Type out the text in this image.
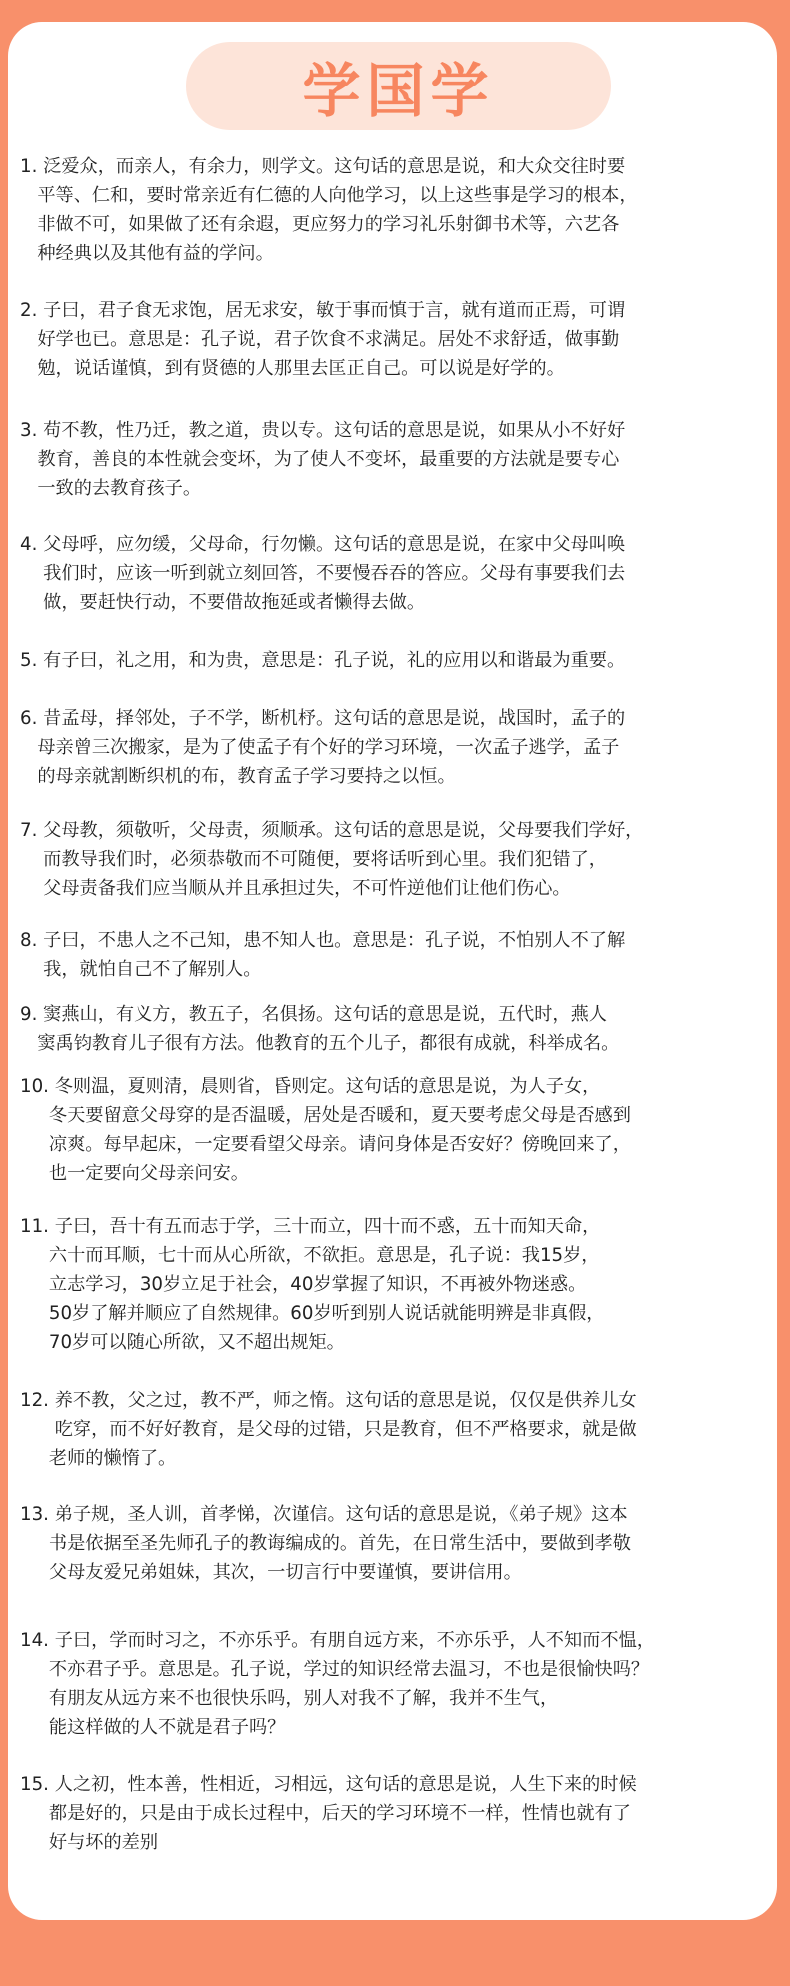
学国学
1. 泛爱众，而亲人，有余力，则学文。这句话的意思是说，和大众交往时要
平等、仁和，要时常亲近有仁德的人向他学习，以上这些事是学习的根本，
非做不可，如果做了还有余遐，更应努力的学习礼乐射御书术等，六艺各
种经典以及其他有益的学问。
2. 子曰，君子食无求饱，居无求安，敏于事而慎于言，就有道而正焉，可谓
好学也已。意思是：孔子说，君子饮食不求满足。居处不求舒适，做事勤
勉，说话谨慎，到有贤德的人那里去匡正自己。可以说是好学的。
3. 苟不教，性乃迁，教之道，贵以专。这句话的意思是说，如果从小不好好
教育，善良的本性就会变坏，为了使人不变坏，最重要的方法就是要专心
一致的去教育孩子。
4. 父母呼，应勿缓，父母命，行勿懒。这句话的意思是说，在家中父母叫唤
我们时，应该一听到就立刻回答，不要慢吞吞的答应。父母有事要我们去
做，要赶快行动，不要借故拖延或者懒得去做。
5. 有子曰，礼之用，和为贵，意思是：孔子说，礼的应用以和谐最为重要。
6. 昔孟母，择邻处，子不学，断机杼。这句话的意思是说，战国时，孟子的
母亲曾三次搬家，是为了使孟子有个好的学习环境，一次孟子逃学，孟子
的母亲就割断织机的布，教育孟子学习要持之以恒。
7. 父母教，须敬听，父母责，须顺承。这句话的意思是说，父母要我们学好，
而教导我们时，必须恭敬而不可随便，要将话听到心里。我们犯错了，
父母责备我们应当顺从并且承担过失，不可忤逆他们让他们伤心。
8. 子曰，不患人之不己知，患不知人也。意思是：孔子说，不怕别人不了解
我，就怕自己不了解别人。
9. 窦燕山，有义方，教五子，名俱扬。这句话的意思是说，五代时，燕人
窦禹钧教育儿子很有方法。他教育的五个儿子，都很有成就，科举成名。
10. 冬则温，夏则清，晨则省，昏则定。这句话的意思是说，为人子女，
冬天要留意父母穿的是否温暖，居处是否暖和，夏天要考虑父母是否感到
凉爽。每早起床，一定要看望父母亲。请问身体是否安好？傍晚回来了，
也一定要向父母亲问安。
11. 子曰，吾十有五而志于学，三十而立，四十而不惑，五十而知天命，
六十而耳顺，七十而从心所欲，不欲拒。意思是，孔子说：我15岁，
立志学习，30岁立足于社会，40岁掌握了知识，不再被外物迷惑。
50岁了解并顺应了自然规律。60岁听到别人说话就能明辨是非真假，
70岁可以随心所欲，又不超出规矩。
12. 养不教，父之过，教不严，师之惰。这句话的意思是说，仅仅是供养儿女
吃穿，而不好好教育，是父母的过错，只是教育，但不严格要求，就是做
老师的懒惰了。
13. 弟子规，圣人训，首孝悌，次谨信。这句话的意思是说，《弟子规》这本
书是依据至圣先师孔子的教诲编成的。首先，在日常生活中，要做到孝敬
父母友爱兄弟姐妹，其次，一切言行中要谨慎，要讲信用。
14. 子曰，学而时习之，不亦乐乎。有朋自远方来，不亦乐乎，人不知而不愠，
不亦君子乎。意思是。孔子说，学过的知识经常去温习，不也是很愉快吗？
有朋友从远方来不也很快乐吗，别人对我不了解，我并不生气，
能这样做的人不就是君子吗？
15. 人之初，性本善，性相近，习相远，这句话的意思是说，人生下来的时候
都是好的，只是由于成长过程中，后天的学习环境不一样，性情也就有了
好与坏的差别
